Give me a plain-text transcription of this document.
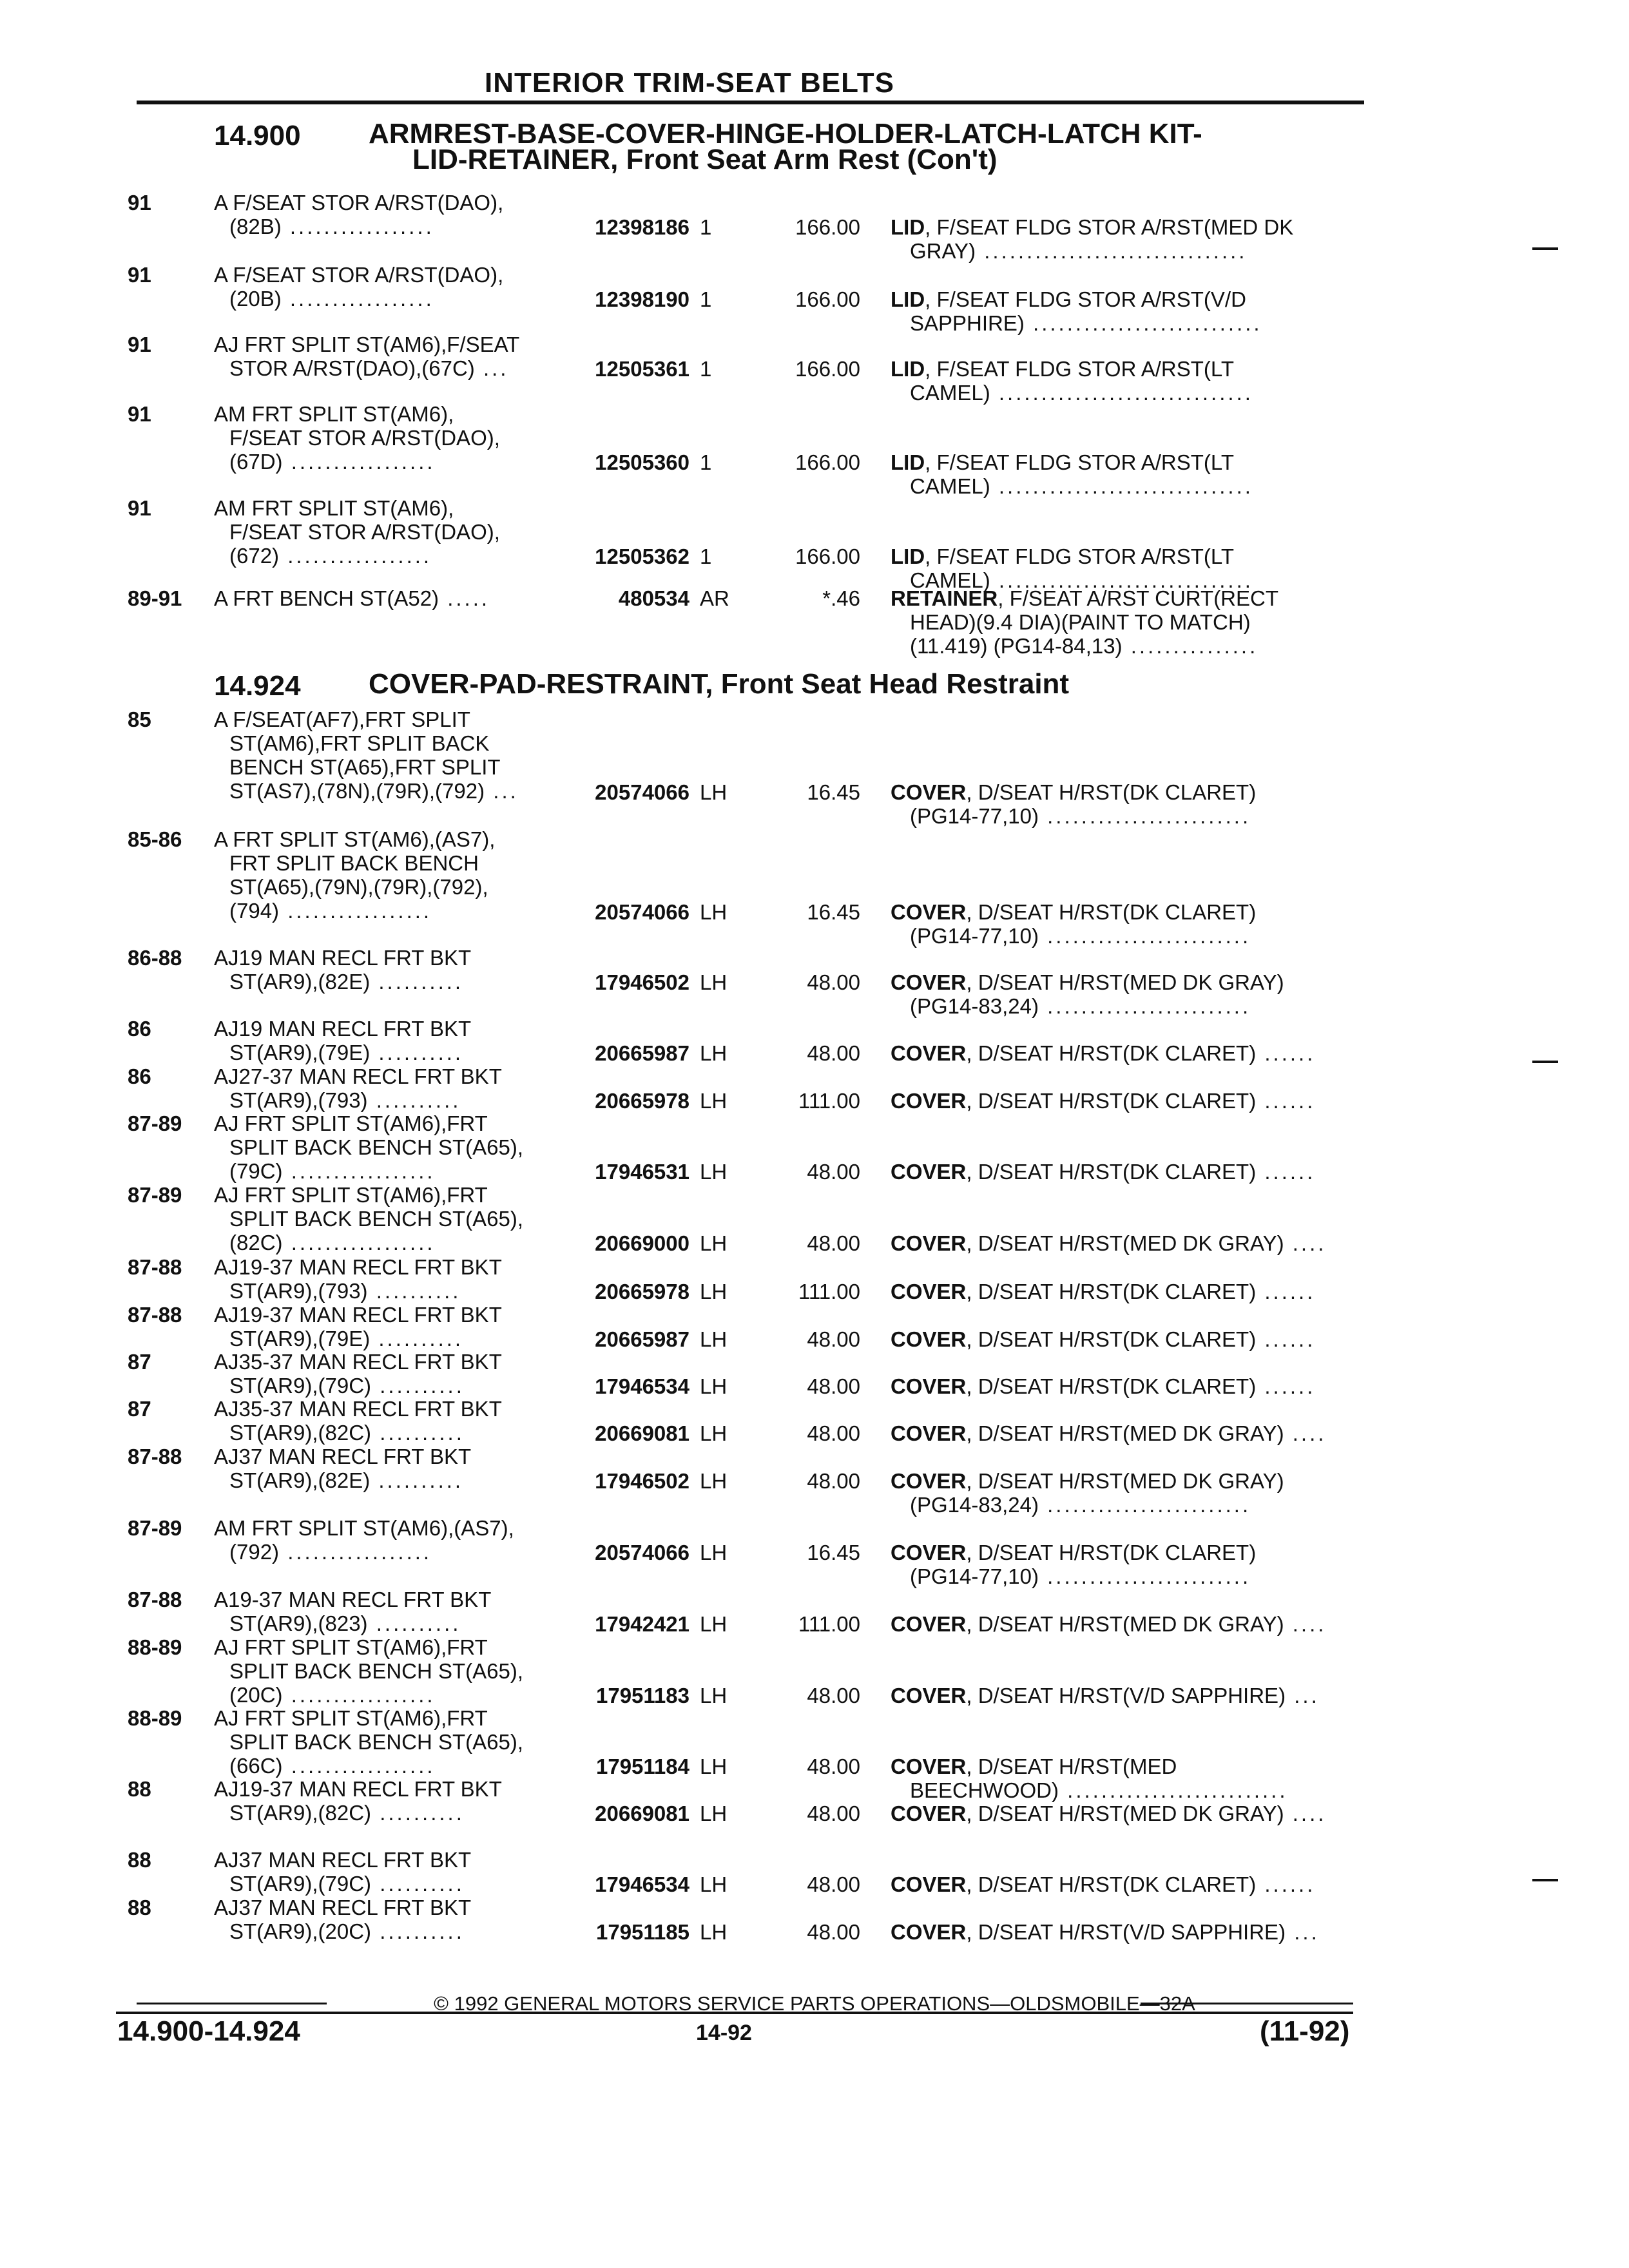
INTERIOR TRIM-SEAT BELTS
14.900 ARMREST-BASE-COVER-HINGE-HOLDER-LATCH-LATCH KIT-
LID-RETAINER, Front Seat Arm Rest (Con't)
14.924 COVER-PAD-RESTRAINT, Front Seat Head Restraint
91	A F/SEAT STOR A/RST(DAO),
(82B) .................	12398186 1	166.00 LID, F/SEAT FLDG STOR A/RST(MED DK
GRAY) ...............................
91	A F/SEAT STOR A/RST(DAO),
(20B) .................	12398190 1	166.00 LID, F/SEAT FLDG STOR A/RST(V/D
SAPPHIRE) ...........................
91	AJ FRT SPLIT ST(AM6),F/SEAT
STOR A/RST(DAO),(67C) ...	12505361 1	166.00 LID, F/SEAT FLDG STOR A/RST(LT
CAMEL) ..............................
91	AM FRT SPLIT ST(AM6),
F/SEAT STOR A/RST(DAO),
(67D) .................	12505360 1	166.00 LID, F/SEAT FLDG STOR A/RST(LT
CAMEL) ..............................
91	AM FRT SPLIT ST(AM6),
F/SEAT STOR A/RST(DAO),
(672) .................	12505362 1	166.00 LID, F/SEAT FLDG STOR A/RST(LT
CAMEL) ..............................
89-91 A FRT BENCH ST(A52) .....	480534 AR	*.46 RETAINER, F/SEAT A/RST CURT(RECT
HEAD)(9.4 DIA)(PAINT TO MATCH)
(11.419) (PG14-84,13) ...............
85	A F/SEAT(AF7),FRT SPLIT
ST(AM6),FRT SPLIT BACK
BENCH ST(A65),FRT SPLIT
ST(AS7),(78N),(79R),(792) ...	20574066 LH	16.45 COVER, D/SEAT H/RST(DK CLARET)
(PG14-77,10) ........................
85-86 A FRT SPLIT ST(AM6),(AS7),
FRT SPLIT BACK BENCH
ST(A65),(79N),(79R),(792),
(794) .................	20574066 LH	16.45 COVER, D/SEAT H/RST(DK CLARET)
(PG14-77,10) ........................
86-88 AJ19 MAN RECL FRT BKT
ST(AR9),(82E) ..........	17946502 LH	48.00 COVER, D/SEAT H/RST(MED DK GRAY)
(PG14-83,24) ........................
86	AJ19 MAN RECL FRT BKT
ST(AR9),(79E) ..........	20665987 LH	48.00 COVER, D/SEAT H/RST(DK CLARET) ......
86	AJ27-37 MAN RECL FRT BKT
ST(AR9),(793) ..........	20665978 LH	111.00 COVER, D/SEAT H/RST(DK CLARET) ......
87-89 AJ FRT SPLIT ST(AM6),FRT
SPLIT BACK BENCH ST(A65),
(79C) .................	17946531 LH	48.00 COVER, D/SEAT H/RST(DK CLARET) ......
87-89 AJ FRT SPLIT ST(AM6),FRT
SPLIT BACK BENCH ST(A65),
(82C) .................	20669000 LH	48.00 COVER, D/SEAT H/RST(MED DK GRAY) ....
87-88 AJ19-37 MAN RECL FRT BKT
ST(AR9),(793) ..........	20665978 LH	111.00 COVER, D/SEAT H/RST(DK CLARET) ......
87-88 AJ19-37 MAN RECL FRT BKT
ST(AR9),(79E) ..........	20665987 LH	48.00 COVER, D/SEAT H/RST(DK CLARET) ......
87	AJ35-37 MAN RECL FRT BKT
ST(AR9),(79C) ..........	17946534 LH	48.00 COVER, D/SEAT H/RST(DK CLARET) ......
87	AJ35-37 MAN RECL FRT BKT
ST(AR9),(82C) ..........	20669081 LH	48.00 COVER, D/SEAT H/RST(MED DK GRAY) ....
87-88 AJ37 MAN RECL FRT BKT
ST(AR9),(82E) ..........	17946502 LH	48.00 COVER, D/SEAT H/RST(MED DK GRAY)
(PG14-83,24) ........................
87-89 AM FRT SPLIT ST(AM6),(AS7),
(792) .................	20574066 LH	16.45 COVER, D/SEAT H/RST(DK CLARET)
(PG14-77,10) ........................
87-88 A19-37 MAN RECL FRT BKT
ST(AR9),(823) ..........	17942421 LH	111.00 COVER, D/SEAT H/RST(MED DK GRAY) ....
88-89 AJ FRT SPLIT ST(AM6),FRT
SPLIT BACK BENCH ST(A65),
(20C) .................	17951183 LH	48.00 COVER, D/SEAT H/RST(V/D SAPPHIRE) ...
88-89 AJ FRT SPLIT ST(AM6),FRT
SPLIT BACK BENCH ST(A65),
(66C) .................	17951184 LH	48.00 COVER, D/SEAT H/RST(MED
BEECHWOOD) ..........................
88	AJ19-37 MAN RECL FRT BKT
ST(AR9),(82C) ..........	20669081 LH	48.00 COVER, D/SEAT H/RST(MED DK GRAY) ....
88	AJ37 MAN RECL FRT BKT
ST(AR9),(79C) ..........	17946534 LH	48.00 COVER, D/SEAT H/RST(DK CLARET) ......
88	AJ37 MAN RECL FRT BKT
ST(AR9),(20C) ..........	17951185 LH	48.00 COVER, D/SEAT H/RST(V/D SAPPHIRE) ...
© 1992 GENERAL MOTORS SERVICE PARTS OPERATIONS—OLDSMOBILE—32A
14.900-14.924	14-92	(11-92)
